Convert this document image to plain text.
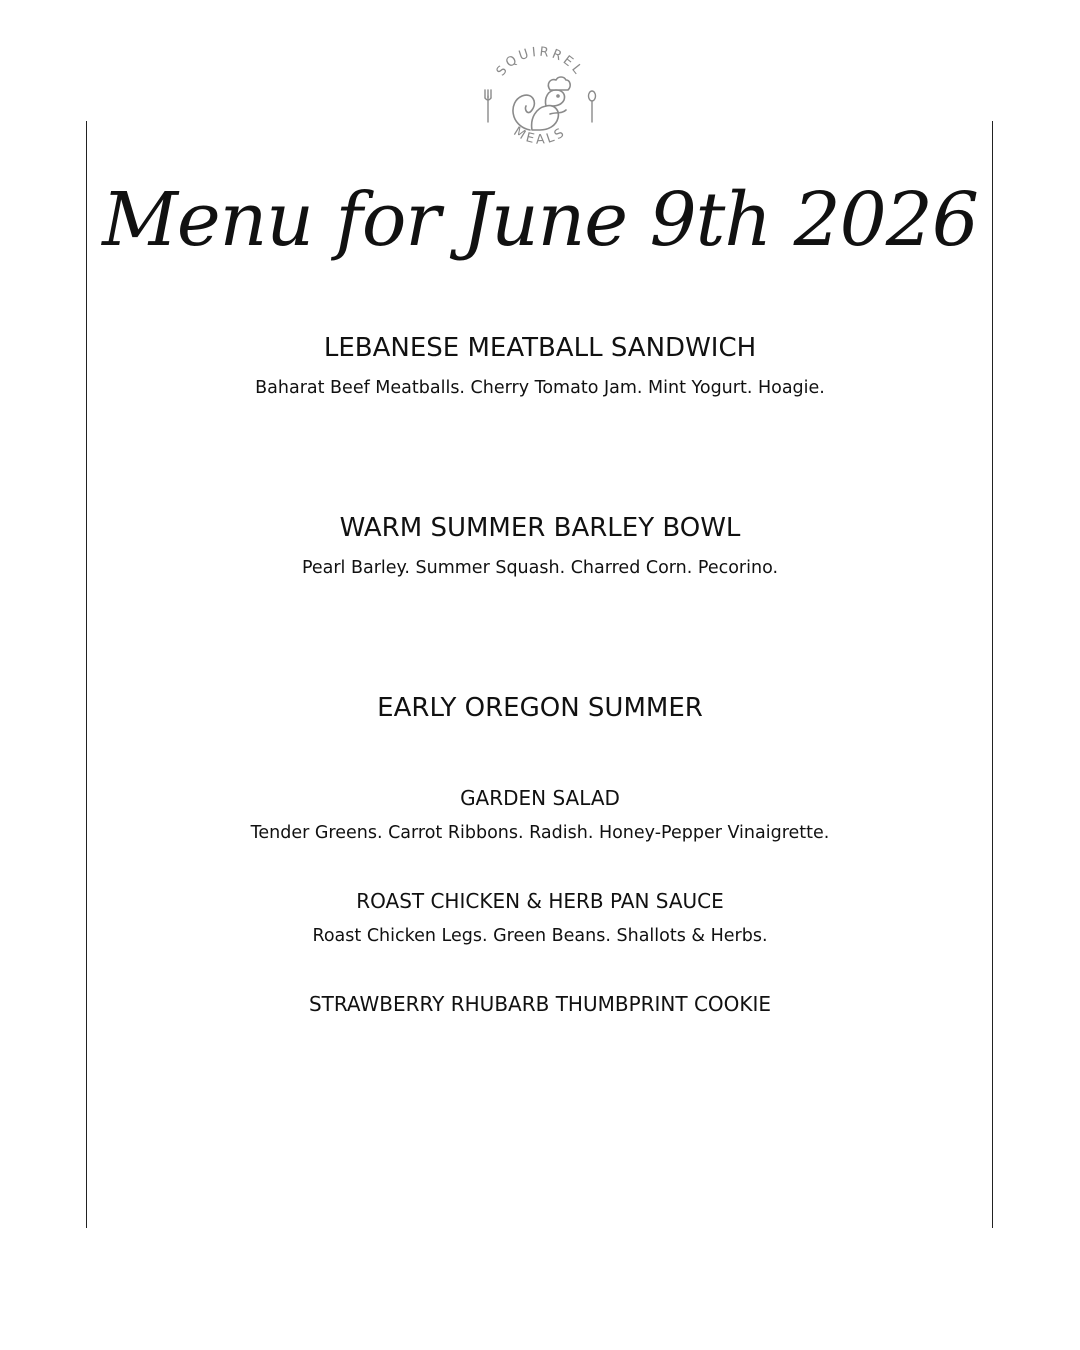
SQUIRREL
MEALS
Menu for June 9th 2026
LEBANESE MEATBALL SANDWICH
Baharat Beef Meatballs. Cherry Tomato Jam. Mint Yogurt. Hoagie.
WARM SUMMER BARLEY BOWL
Pearl Barley. Summer Squash. Charred Corn. Pecorino.
EARLY OREGON SUMMER
GARDEN SALAD
Tender Greens. Carrot Ribbons. Radish. Honey-Pepper Vinaigrette.
ROAST CHICKEN & HERB PAN SAUCE
Roast Chicken Legs. Green Beans. Shallots & Herbs.
STRAWBERRY RHUBARB THUMBPRINT COOKIE
